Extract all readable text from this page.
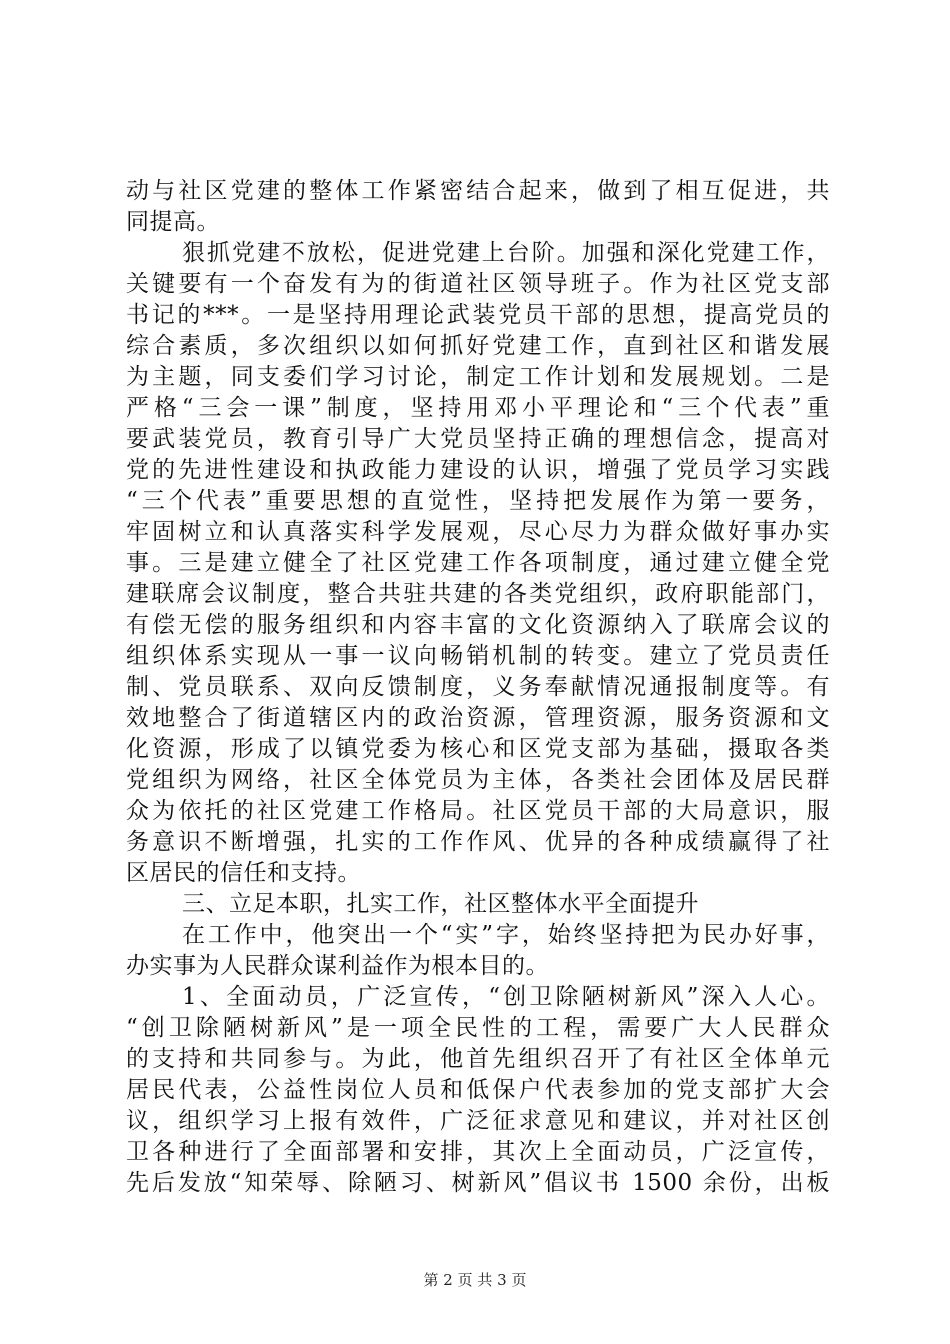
动与社区党建的整体工作紧密结合起来，做到了相互促进，共
同提高。
狠抓党建不放松，促进党建上台阶。加强和深化党建工作，
关键要有一个奋发有为的街道社区领导班子。作为社区党支部
书记的***。一是坚持用理论武装党员干部的思想，提高党员的
综合素质，多次组织以如何抓好党建工作，直到社区和谐发展
为主题，同支委们学习讨论，制定工作计划和发展规划。二是
严格“三会一课”制度，坚持用邓小平理论和“三个代表”重
要武装党员，教育引导广大党员坚持正确的理想信念，提高对
党的先进性建设和执政能力建设的认识，增强了党员学习实践
“三个代表”重要思想的直觉性，坚持把发展作为第一要务，
牢固树立和认真落实科学发展观，尽心尽力为群众做好事办实
事。三是建立健全了社区党建工作各项制度，通过建立健全党
建联席会议制度，整合共驻共建的各类党组织，政府职能部门，
有偿无偿的服务组织和内容丰富的文化资源纳入了联席会议的
组织体系实现从一事一议向畅销机制的转变。建立了党员责任
制、党员联系、双向反馈制度，义务奉献情况通报制度等。有
效地整合了街道辖区内的政治资源，管理资源，服务资源和文
化资源，形成了以镇党委为核心和区党支部为基础，摄取各类
党组织为网络，社区全体党员为主体，各类社会团体及居民群
众为依托的社区党建工作格局。社区党员干部的大局意识，服
务意识不断增强，扎实的工作作风、优异的各种成绩赢得了社
区居民的信任和支持。
三、立足本职，扎实工作，社区整体水平全面提升
在工作中，他突出一个“实”字，始终坚持把为民办好事，
办实事为人民群众谋利益作为根本目的。
1、全面动员，广泛宣传，“创卫除陋树新风”深入人心。
“创卫除陋树新风”是一项全民性的工程，需要广大人民群众
的支持和共同参与。为此，他首先组织召开了有社区全体单元
居民代表，公益性岗位人员和低保户代表参加的党支部扩大会
议，组织学习上报有效件，广泛征求意见和建议，并对社区创
卫各种进行了全面部署和安排，其次上全面动员，广泛宣传，
先后发放“知荣辱、除陋习、树新风”倡议书 1500 余份，出板
第 2 页 共 3 页
